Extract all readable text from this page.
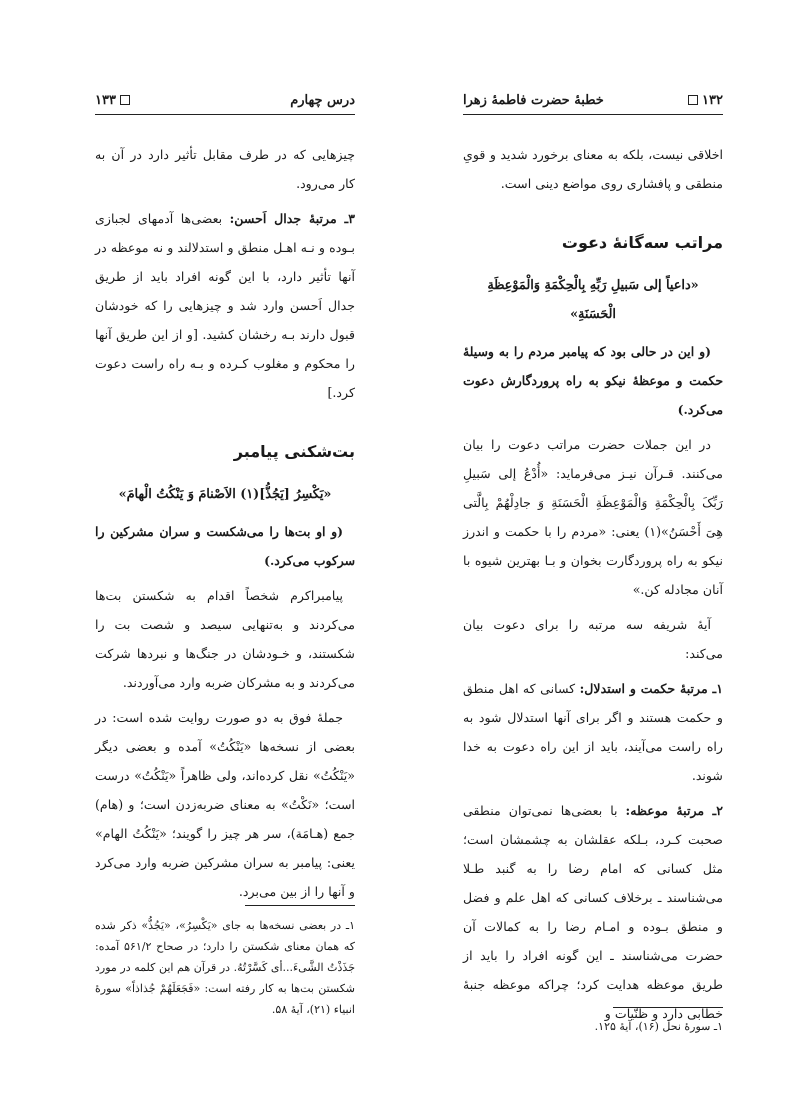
درس چهارم
۱۳۳

چیزهایی که در طرف مقابل تأثیر دارد در آن به کار می‌رود.

۳ـ مرتبهٔ جدال اَحسن: بعضی‌ها آدمهای لجبازی بـوده و نـه اهـل منطق و استدلالند و نه موعظه در آنها تأثیر دارد، با این گونه افراد باید از طریق جدال اَحسن وارد شد و چیزهایی را که خودشان قبول دارند بـه رخشان کشید. [و از این طریق آنها را محکوم و مغلوب کـرده و بـه راه راست دعوت کرد.]

بت‌شکنی پیامبر
«یَکْسِرُ [یَجُذُّ](۱) الاَصْنامَ وَ یَنْکُتُ الْهامَ»

(و او بت‌ها را می‌شکست و سران مشرکین را سرکوب می‌کرد.)

پیامبراکرم شخصاً اقدام به شکستن بت‌ها می‌کردند و به‌تنهایی سیصد و شصت بت را شکستند، و خـودشان در جنگ‌ها و نبردها شرکت می‌کردند و به مشرکان ضربه وارد می‌آوردند.

جملهٔ فوق به دو صورت روایت شده است: در بعضی از نسخه‌ها «یَنْکُتُ» آمده و بعضی دیگر «یَنْکُتُ» نقل کرده‌اند، ولی ظاهراً «یَنْکُتُ» درست است؛ «نَکْتُ» به معنای ضربه‌زدن است؛ و (هام) جمع (هـامَة)، سر هر چیز را گویند؛ «یَنْکُتُ الهام» یعنی: پیامبر به سران مشرکین ضربه وارد می‌کرد و آنها را از بین می‌برد.

۱ـ در بعضی نسخه‌ها به جای «یَکْسِرُ»، «یَجُذُّ» ذکر شده که همان معنای شکستن را دارد؛ در صحاح ۵۶۱/۲ آمده: جَذَذْتُ الشَّیءَ...أی کَسَّرْتُهُ. در قرآن هم این کلمه در مورد شکستن بت‌ها به کار رفته است: «فَجَعَلَهُمْ جُذاذاً» سورهٔ انبیاء (۲۱)، آیهٔ ۵۸.
۱۳۲
خطبهٔ حضرت فاطمهٔ زهرا

اخلاقی نیست، بلکه به معنای برخورد شدید و قویِ منطقی و پافشاری روی مواضع دینی است.

مراتب سه‌گانهٔ دعوت
«داعیاً إلی سَبیلِ رَبِّهِ بِالْحِکْمَةِ وَالْمَوْعِظَةِ الْحَسَنَةِ»

(و این در حالی بود که پیامبر مردم را به وسیلهٔ حکمت و موعظهٔ نیکو به راه پروردگارش دعوت می‌کرد.)

در این جملات حضرت مراتب دعوت را بیان می‌کنند. قـرآن نیـز می‌فرماید: «أُدْعُ إلی سَبیلِ رَبِّکَ بِالْحِکْمَةِ وَالْمَوْعِظَةِ الْحَسَنَةِ وَ جادِلْهُمْ بِالَّتی هِیَ أَحْسَنُ»(۱) یعنی: «مردم را با حکمت و اندرز نیکو به راه پروردگارت بخوان و بـا بهترین شیوه با آنان مجادله کن.»

آیهٔ شریفه سه مرتبه را برای دعوت بیان می‌کند:

۱ـ مرتبهٔ حکمت و استدلال: کسانی که اهل منطق و حکمت هستند و اگر برای آنها استدلال شود به راه راست می‌آیند، باید از این راه دعوت به خدا شوند.

۲ـ مرتبهٔ موعظه: با بعضی‌ها نمی‌توان منطقی صحبت کـرد، بـلکه عقلشان به چشمشان است؛ مثل کسانی که امام رضا را به گنبد طـلا می‌شناسند ـ برخلاف کسانی که اهل علم و فضل و منطق بـوده و امـام رضا را به کمالات آن حضرت می‌شناسند ـ این گونه افراد را باید از طریق موعظه هدایت کرد؛ چراکه موعظه جنبهٔ خطابی دارد و ظنّیات و

۱ـ سورهٔ نحل (۱۶)، آیهٔ ۱۲۵.
